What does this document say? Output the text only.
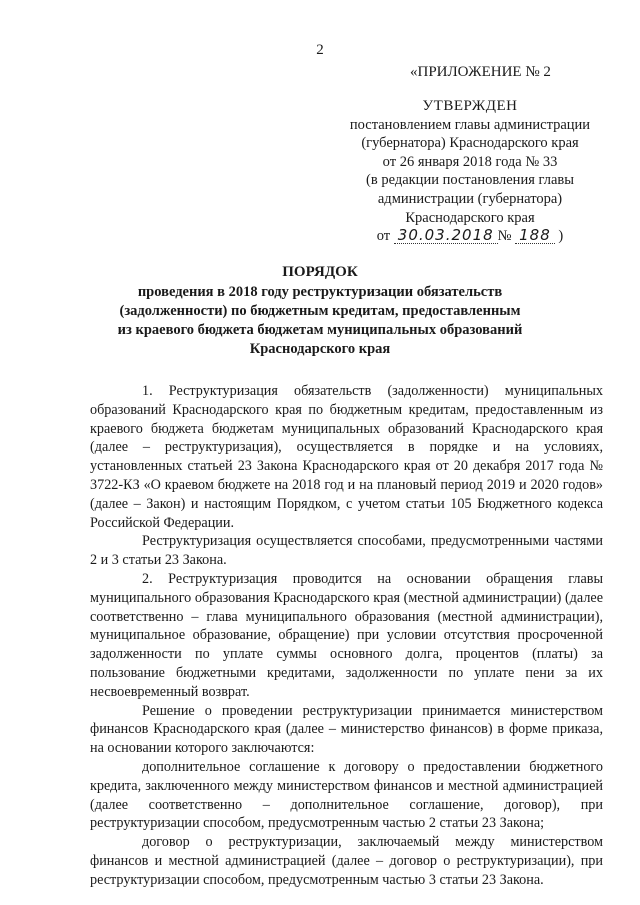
2
«ПРИЛОЖЕНИЕ № 2
УТВЕРЖДЕН
постановлением главы администрации
(губернатора) Краснодарского края
от 26 января 2018 года № 33
(в редакции постановления главы
администрации (губернатора)
Краснодарского края
от 30.03.2018 № 188 )
ПОРЯДОК
проведения в 2018 году реструктуризации обязательств
(задолженности) по бюджетным кредитам, предоставленным
из краевого бюджета бюджетам муниципальных образований
Краснодарского края

1. Реструктуризация обязательств (задолженности) муниципальных образований Краснодарского края по бюджетным кредитам, предоставленным из краевого бюджета бюджетам муниципальных образований Краснодарского края (далее – реструктуризация), осуществляется в порядке и на условиях, установленных статьей 23 Закона Краснодарского края от 20 декабря 2017 года № 3722-КЗ «О краевом бюджете на 2018 год и на плановый период 2019 и 2020 годов» (далее – Закон) и настоящим Порядком, с учетом статьи 105 Бюджетного кодекса Российской Федерации.

Реструктуризация осуществляется способами, предусмотренными частями 2 и 3 статьи 23 Закона.

2. Реструктуризация проводится на основании обращения главы муниципального образования Краснодарского края (местной администрации) (далее соответственно – глава муниципального образования (местной администрации), муниципальное образование, обращение) при условии отсутствия просроченной задолженности по уплате суммы основного долга, процентов (платы) за пользование бюджетными кредитами, задолженности по уплате пени за их несвоевременный возврат.

Решение о проведении реструктуризации принимается министерством финансов Краснодарского края (далее – министерство финансов) в форме приказа, на основании которого заключаются:

дополнительное соглашение к договору о предоставлении бюджетного кредита, заключенного между министерством финансов и местной администрацией (далее соответственно – дополнительное соглашение, договор), при реструктуризации способом, предусмотренным частью 2 статьи 23 Закона;

договор о реструктуризации, заключаемый между министерством финансов и местной администрацией (далее – договор о реструктуризации), при реструктуризации способом, предусмотренным частью 3 статьи 23 Закона.
